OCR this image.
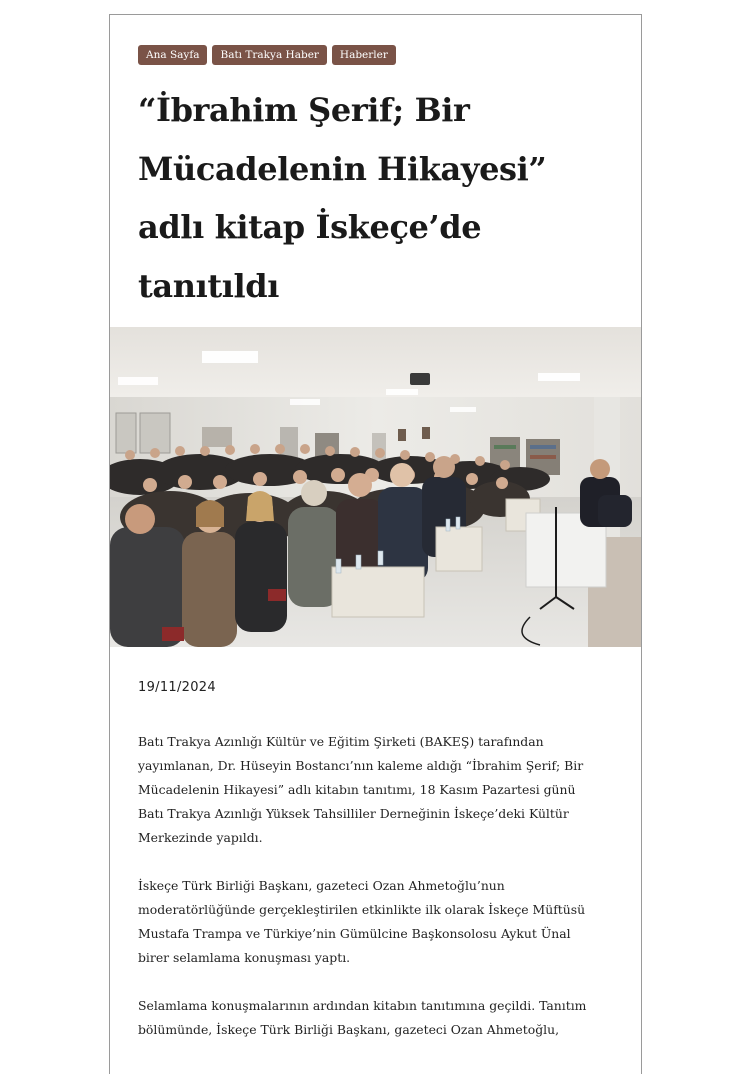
Ana Sayfa	Batı Trakya Haber	Haberler
“İbrahim Şerif; Bir
Mücadelenin Hikayesi”
adlı kitap İskeçe’de
tanıtıldı
19/11/2024

Batı Trakya Azınlığı Kültür ve Eğitim Şirketi (BAKEŞ) tarafından
yayımlanan, Dr. Hüseyin Bostancı’nın kaleme aldığı “İbrahim Şerif; Bir
Mücadelenin Hikayesi” adlı kitabın tanıtımı, 18 Kasım Pazartesi günü
Batı Trakya Azınlığı Yüksek Tahsilliler Derneğinin İskeçe’deki Kültür
Merkezinde yapıldı.

İskeçe Türk Birliği Başkanı, gazeteci Ozan Ahmetoğlu’nun
moderatörlüğünde gerçekleştirilen etkinlikte ilk olarak İskeçe Müftüsü
Mustafa Trampa ve Türkiye’nin Gümülcine Başkonsolosu Aykut Ünal
birer selamlama konuşması yaptı.

Selamlama konuşmalarının ardından kitabın tanıtımına geçildi. Tanıtım
bölümünde, İskeçe Türk Birliği Başkanı, gazeteci Ozan Ahmetoğlu,
